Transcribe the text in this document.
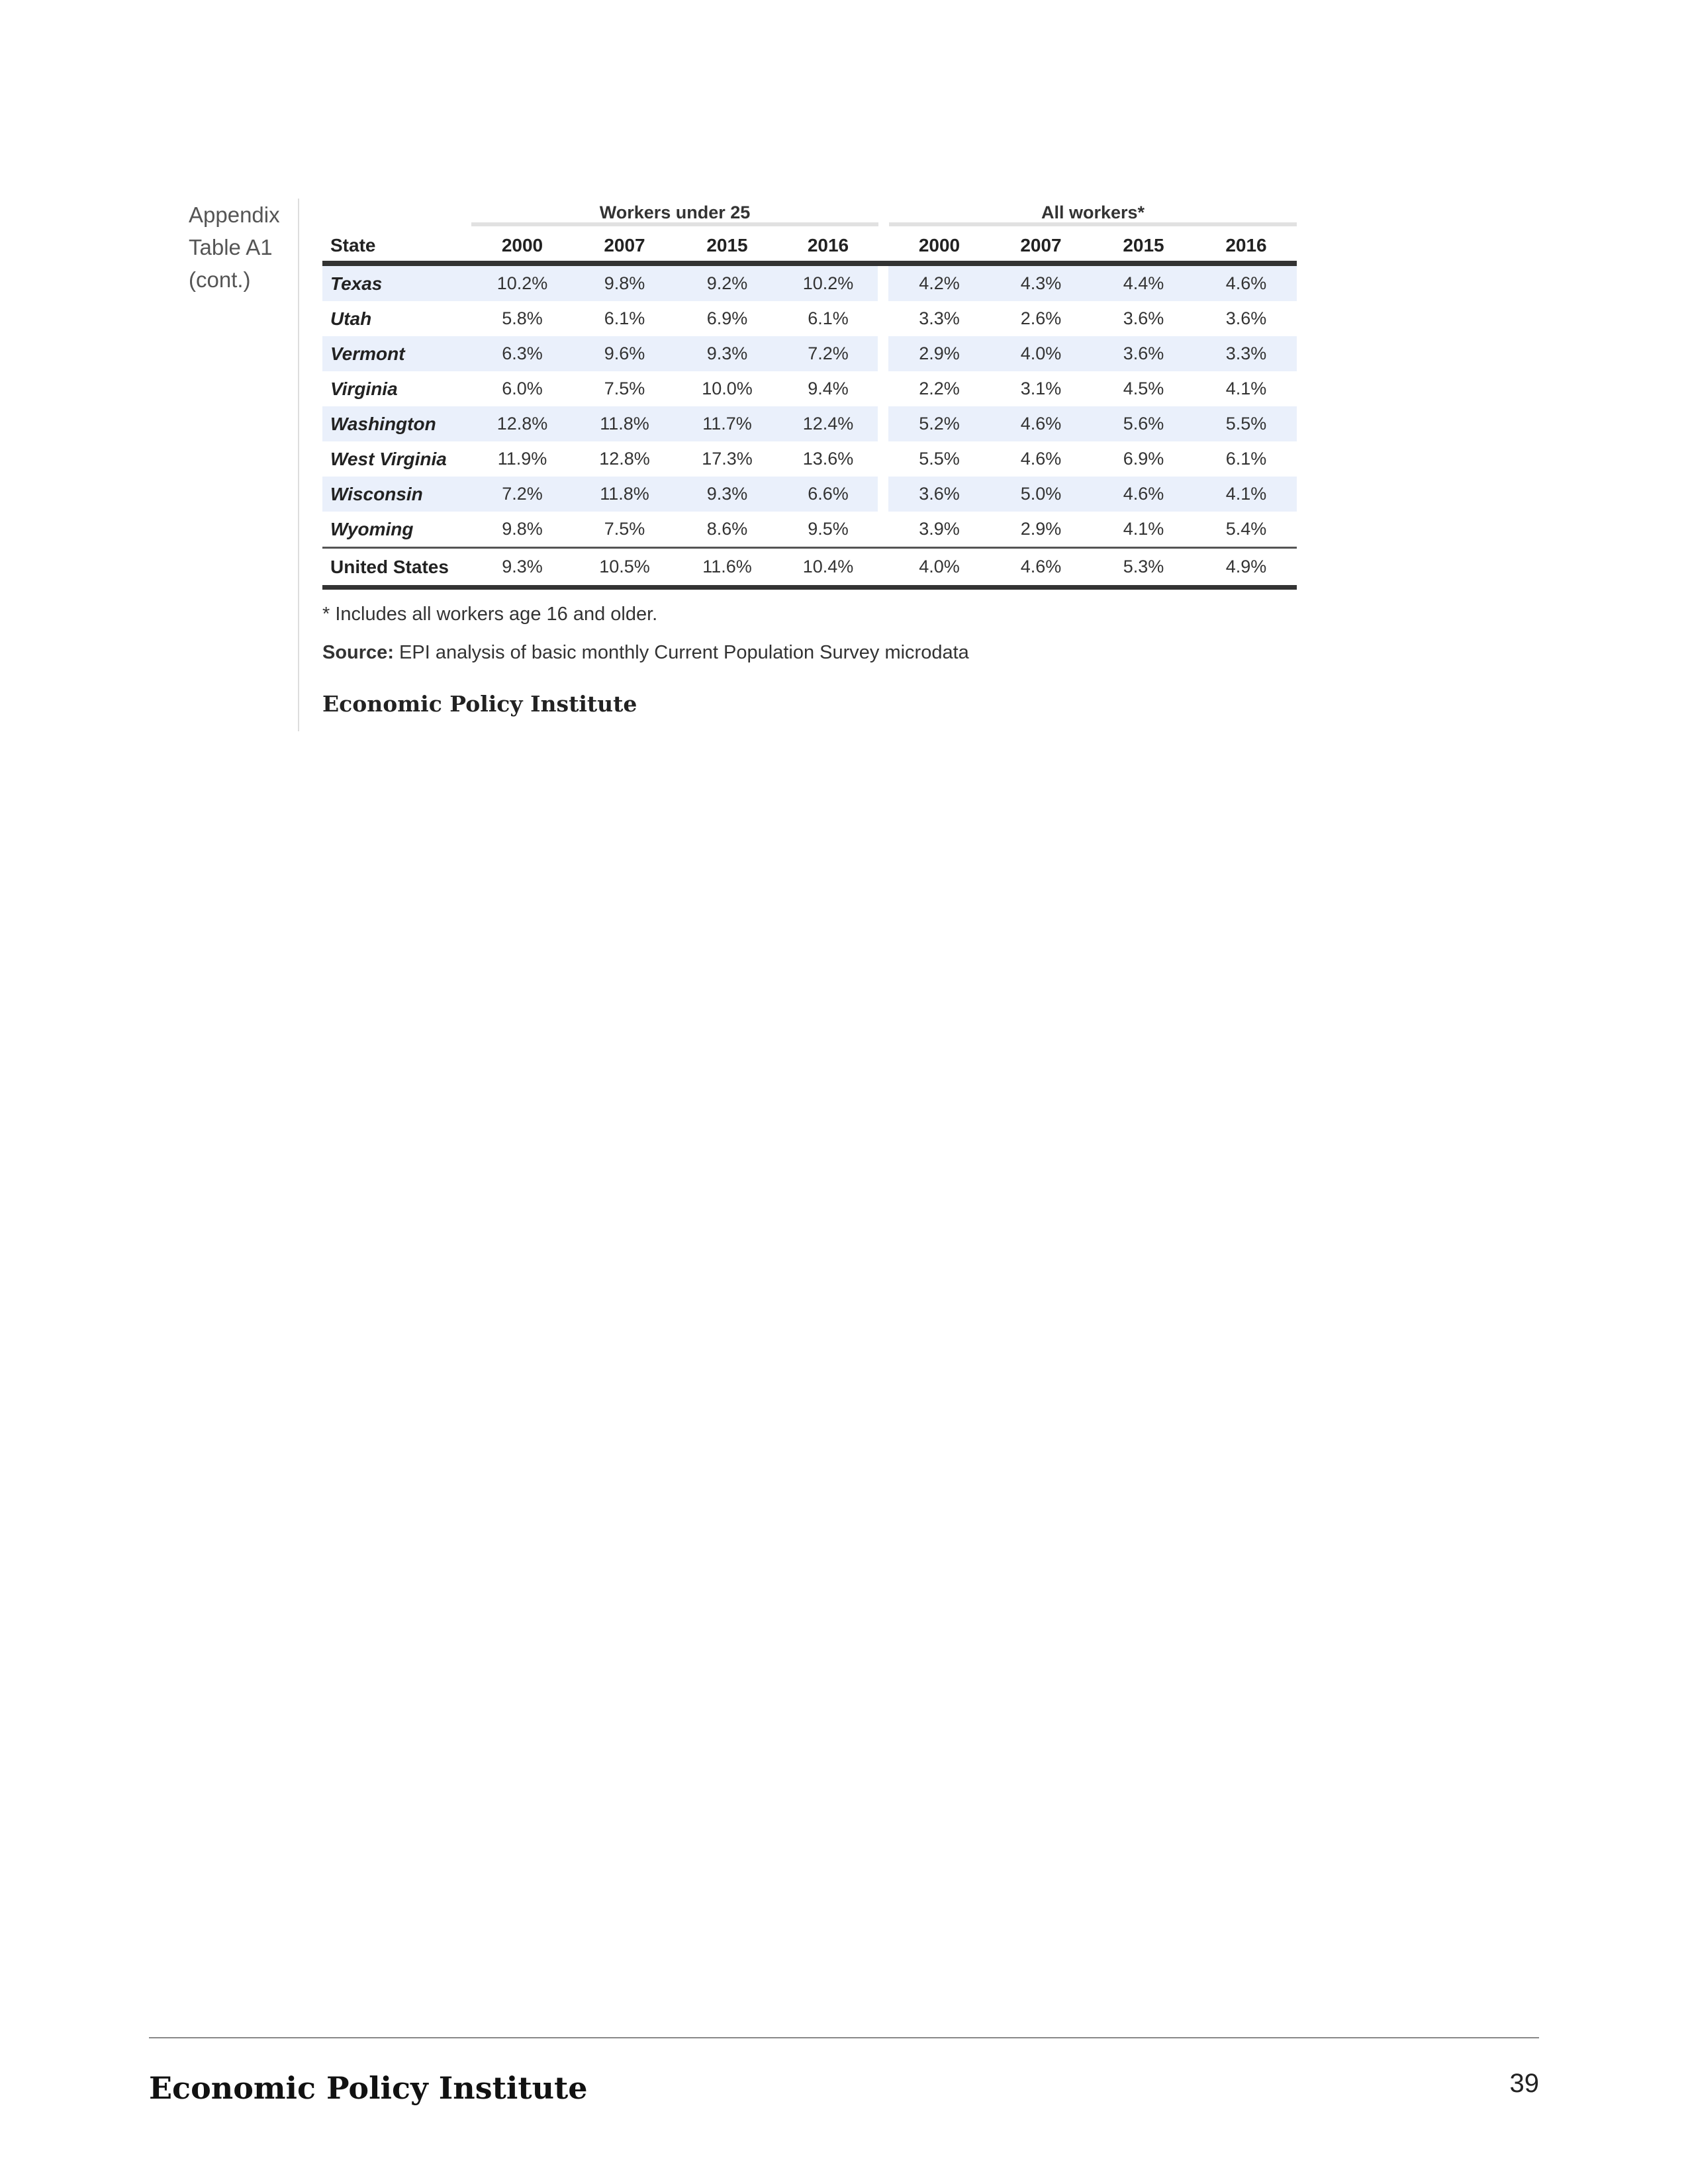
Appendix
Table A1
(cont.)
Workers under 25	All workers*
State	2000	2007	2015	2016		2000	2007	2015	2016
Texas	10.2%	9.8%	9.2%	10.2%		4.2%	4.3%	4.4%	4.6%
Utah	5.8%	6.1%	6.9%	6.1%		3.3%	2.6%	3.6%	3.6%
Vermont	6.3%	9.6%	9.3%	7.2%		2.9%	4.0%	3.6%	3.3%
Virginia	6.0%	7.5%	10.0%	9.4%		2.2%	3.1%	4.5%	4.1%
Washington	12.8%	11.8%	11.7%	12.4%		5.2%	4.6%	5.6%	5.5%
West Virginia	11.9%	12.8%	17.3%	13.6%		5.5%	4.6%	6.9%	6.1%
Wisconsin	7.2%	11.8%	9.3%	6.6%		3.6%	5.0%	4.6%	4.1%
Wyoming	9.8%	7.5%	8.6%	9.5%		3.9%	2.9%	4.1%	5.4%
United States	9.3%	10.5%	11.6%	10.4%		4.0%	4.6%	5.3%	4.9%
* Includes all workers age 16 and older.
Source: EPI analysis of basic monthly Current Population Survey microdata
Economic Policy Institute
Economic Policy Institute	39
